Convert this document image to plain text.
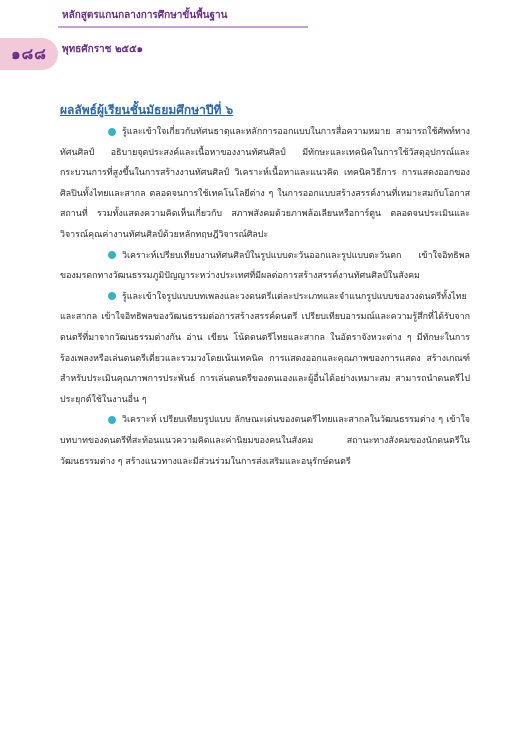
๑๘๘
หลักสูตรแกนกลางการศึกษาขั้นพื้นฐาน
พุทธศักราช ๒๕๕๑
ผลลัพธ์ผู้เรียนชั้นมัธยมศึกษาปีที่ ๖

รู้และเข้าใจเกี่ยวกับทัศนธาตุและหลักการออกแบบในการสื่อความหมาย สามารถใช้ศัพท์ทางทัศนศิลป์ อธิบายจุดประสงค์และเนื้อหาของงานทัศนศิลป์ มีทักษะและเทคนิคในการใช้วัสดุอุปกรณ์และกระบวนการที่สูงขึ้นในการสร้างงานทัศนศิลป์ วิเคราะห์เนื้อหาและแนวคิด เทคนิควิธีการ การแสดงออกของศิลปินทั้งไทยและสากล ตลอดจนการใช้เทคโนโลยีต่าง ๆ ในการออกแบบสร้างสรรค์งานที่เหมาะสมกับโอกาส สถานที่ รวมทั้งแสดงความคิดเห็นเกี่ยวกับ สภาพสังคมด้วยภาพล้อเลียนหรือการ์ตูน ตลอดจนประเมินและวิจารณ์คุณค่างานทัศนศิลป์ด้วยหลักทฤษฎีวิจารณ์ศิลปะ

วิเคราะห์เปรียบเทียบงานทัศนศิลป์ในรูปแบบตะวันออกและรูปแบบตะวันตก เข้าใจอิทธิพลของมรดกทางวัฒนธรรมภูมิปัญญาระหว่างประเทศที่มีผลต่อการสร้างสรรค์งานทัศนศิลป์ในสังคม

รู้และเข้าใจรูปแบบบทเพลงและวงดนตรีแต่ละประเภทและจำแนกรูปแบบของวงดนตรีทั้งไทยและสากล เข้าใจอิทธิพลของวัฒนธรรมต่อการสร้างสรรค์ดนตรี เปรียบเทียบอารมณ์และความรู้สึกที่ได้รับจากดนตรีที่มาจากวัฒนธรรมต่างกัน อ่าน เขียน โน้ตดนตรีไทยและสากล ในอัตราจังหวะต่าง ๆ มีทักษะในการร้องเพลงหรือเล่นดนตรีเดี่ยวและรวมวงโดยเน้นเทคนิค การแสดงออกและคุณภาพของการแสดง สร้างเกณฑ์สำหรับประเมินคุณภาพการประพันธ์ การเล่นดนตรีของตนเองและผู้อื่นได้อย่างเหมาะสม สามารถนำดนตรีไปประยุกต์ใช้ในงานอื่น ๆ

วิเคราะห์ เปรียบเทียบรูปแบบ ลักษณะเด่นของดนตรีไทยและสากลในวัฒนธรรมต่าง ๆ เข้าใจบทบาทของดนตรีที่สะท้อนแนวความคิดและค่านิยมของคนในสังคม สถานะทางสังคมของนักดนตรีในวัฒนธรรมต่าง ๆ สร้างแนวทางและมีส่วนร่วมในการส่งเสริมและอนุรักษ์ดนตรี
